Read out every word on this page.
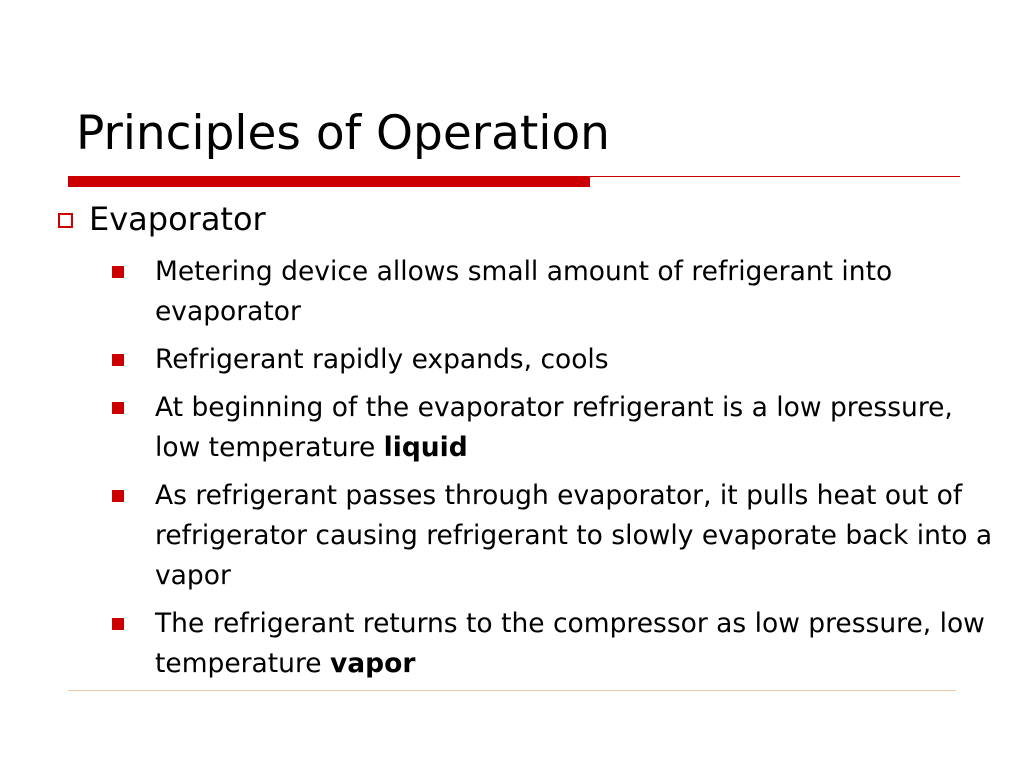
Principles of Operation
Evaporator
Metering device allows small amount of refrigerant into evaporator
Refrigerant rapidly expands, cools
At beginning of the evaporator refrigerant is a low pressure, low temperature liquid
As refrigerant passes through evaporator, it pulls heat out of refrigerator causing refrigerant to slowly evaporate back into a vapor
The refrigerant returns to the compressor as low pressure, low temperature vapor
